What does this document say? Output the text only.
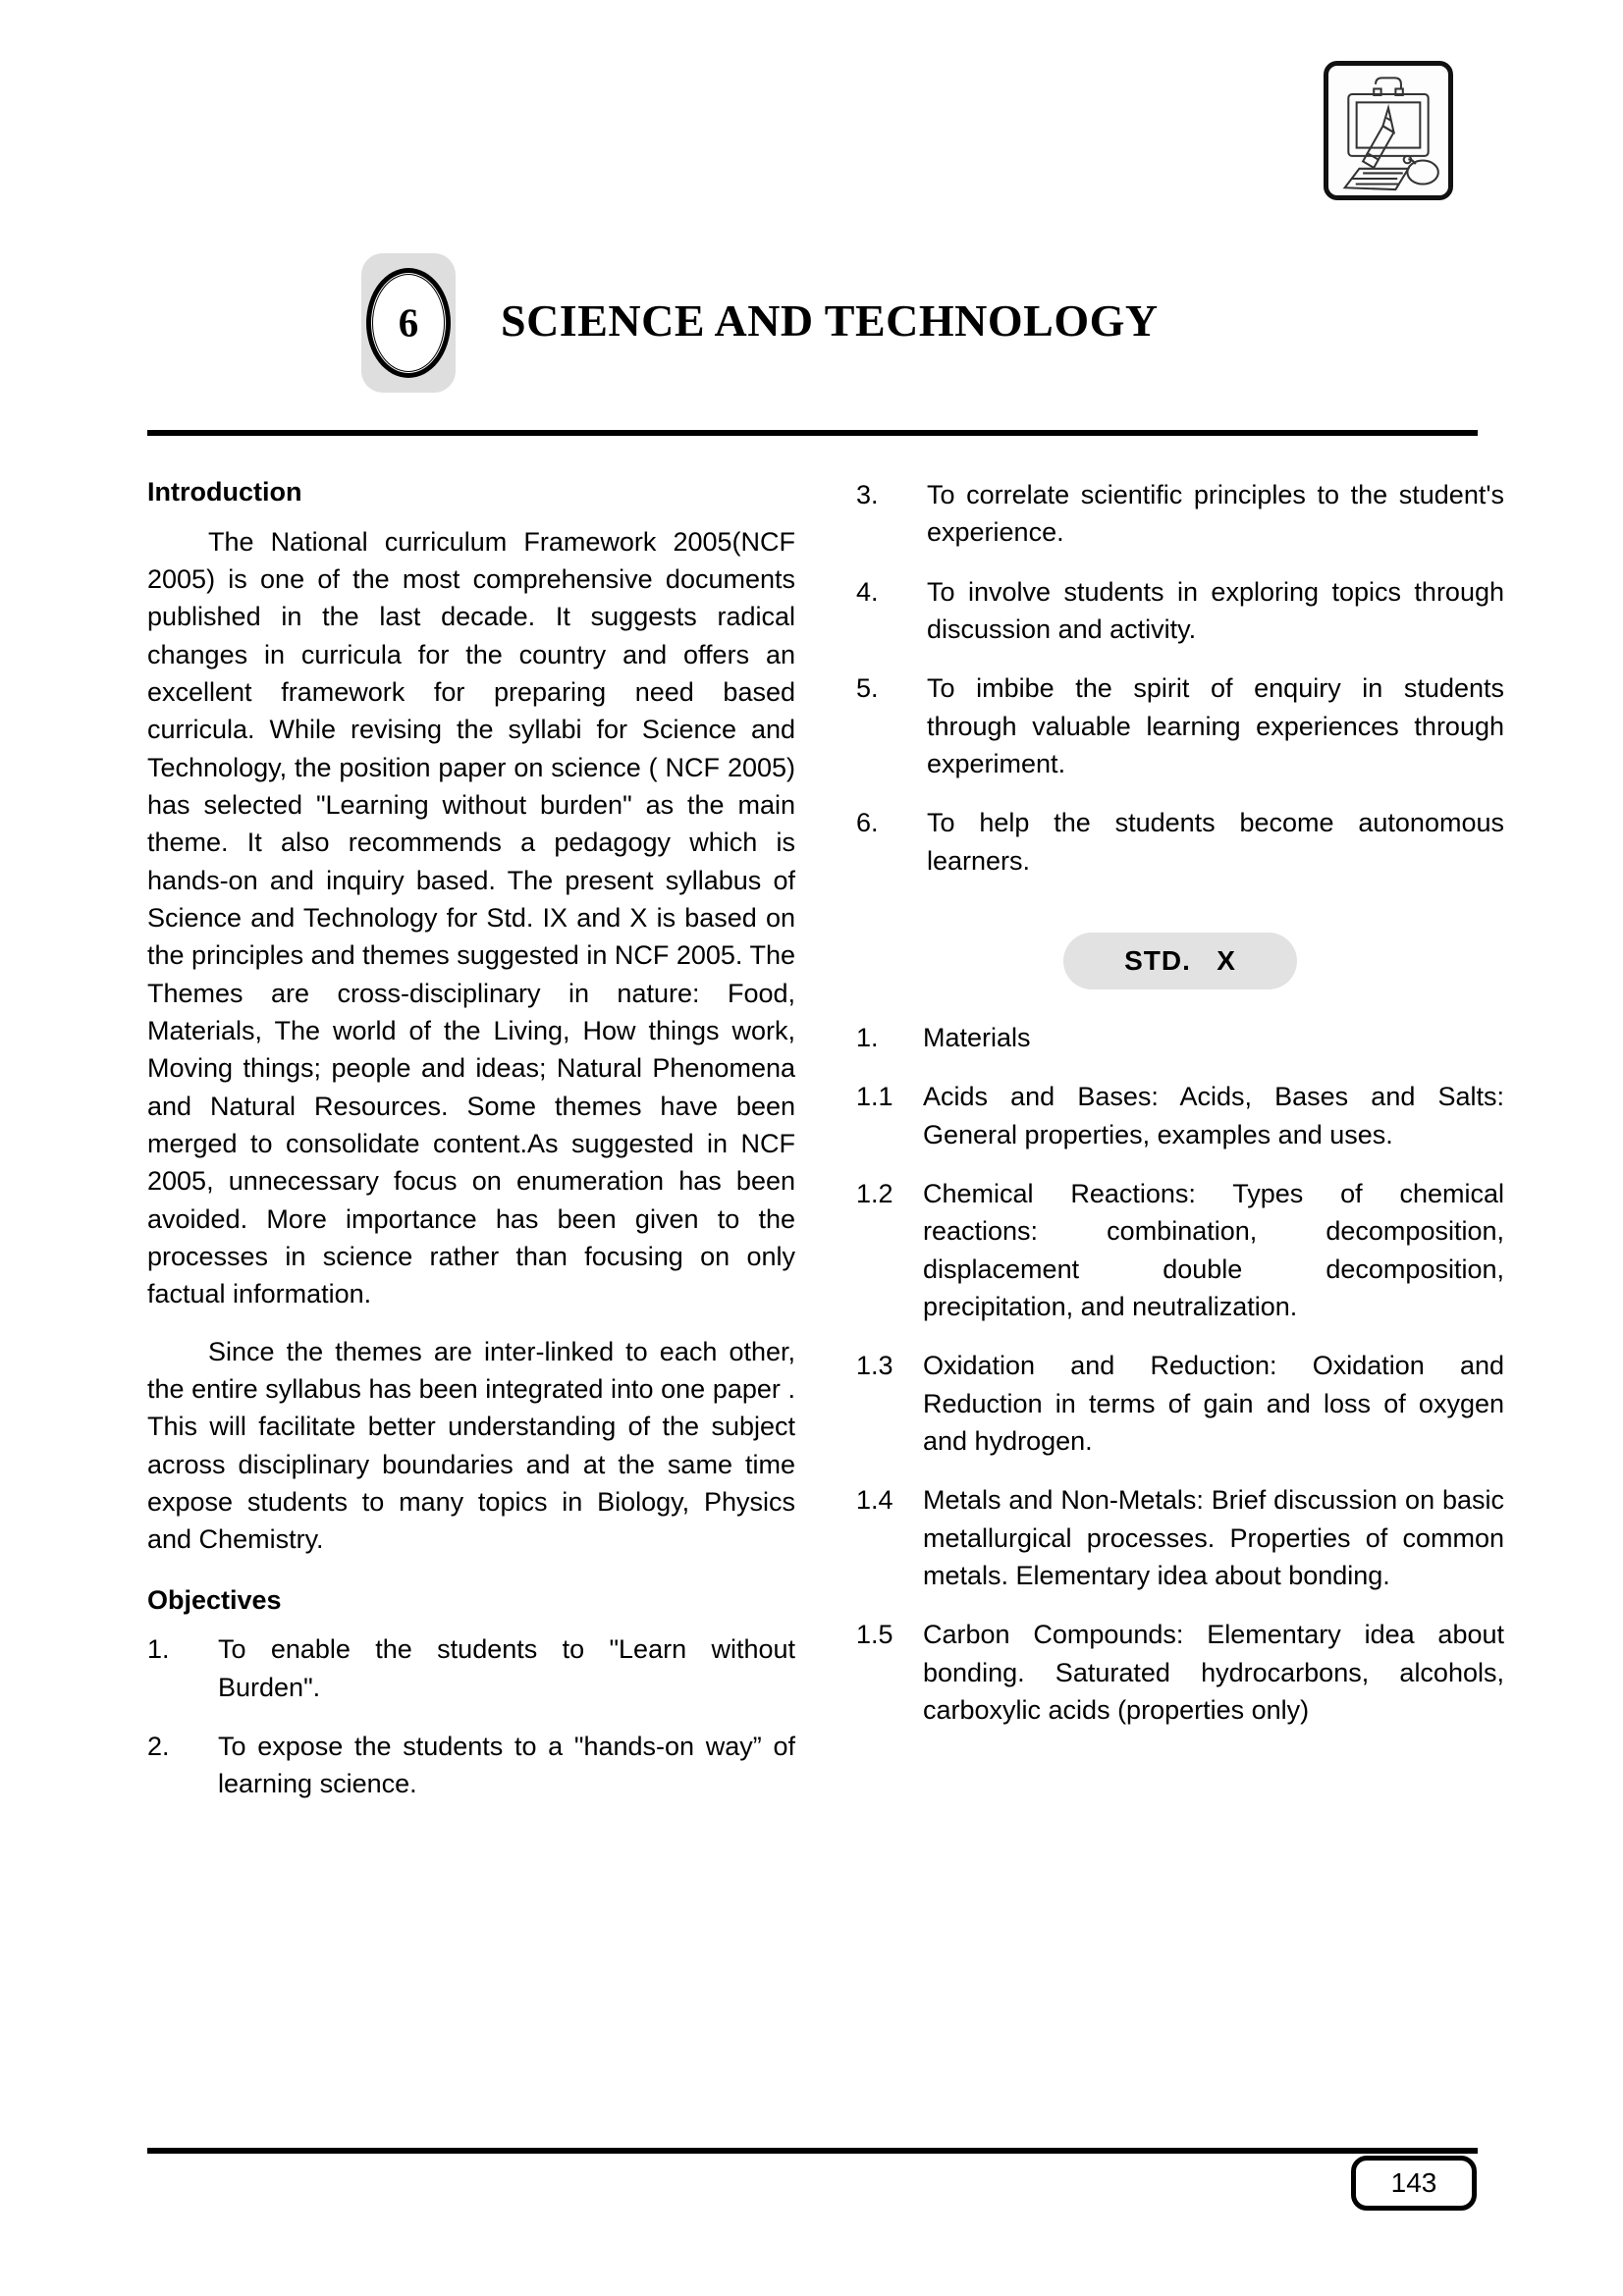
6	SCIENCE AND TECHNOLOGY
Introduction

The National curriculum Framework 2005(NCF 2005) is one of the most comprehensive documents published in the last decade. It suggests radical changes in curricula for the country and offers an excellent framework for preparing need based curricula. While revising the syllabi for Science and Technology, the position paper on science ( NCF 2005) has selected "Learning without burden" as the main theme. It also recommends a pedagogy which is hands-on and inquiry based. The present syllabus of Science and Technology for Std. IX and X is based on the principles and themes suggested in NCF 2005. The Themes are cross-disciplinary in nature: Food, Materials, The world of the Living, How things work, Moving things; people and ideas; Natural Phenomena and Natural Resources. Some themes have been merged to consolidate content.As suggested in NCF 2005, unnecessary focus on enumeration has been avoided. More importance has been given to the processes in science rather than focusing on only factual information.

Since the themes are inter-linked to each other, the entire syllabus has been integrated into one paper . This will facilitate better understanding of the subject across disciplinary boundaries and at the same time expose students to many topics in Biology, Physics and Chemistry.

Objectives
1.	To enable the students to "Learn without Burden".
2.	To expose the students to a "hands-on way” of learning science.
3.	To correlate scientific principles to the student's experience.
4.	To involve students in exploring topics through discussion and activity.
5.	To imbibe the spirit of enquiry in students through valuable learning experiences through experiment.
6.	To help the students become autonomous learners.
STD.   X
1.	Materials
1.1	Acids and Bases: Acids, Bases and Salts: General properties, examples and uses.
1.2	Chemical Reactions: Types of chemical reactions: combination, decomposition, displacement double decomposition, precipitation, and neutralization.
1.3	Oxidation and Reduction: Oxidation and Reduction in terms of gain and loss of oxygen and hydrogen.
1.4	Metals and Non-Metals: Brief discussion on basic metallurgical processes. Properties of common metals. Elementary idea about bonding.
1.5	Carbon Compounds: Elementary idea about bonding. Saturated hydrocarbons, alcohols, carboxylic acids (properties only)
143
